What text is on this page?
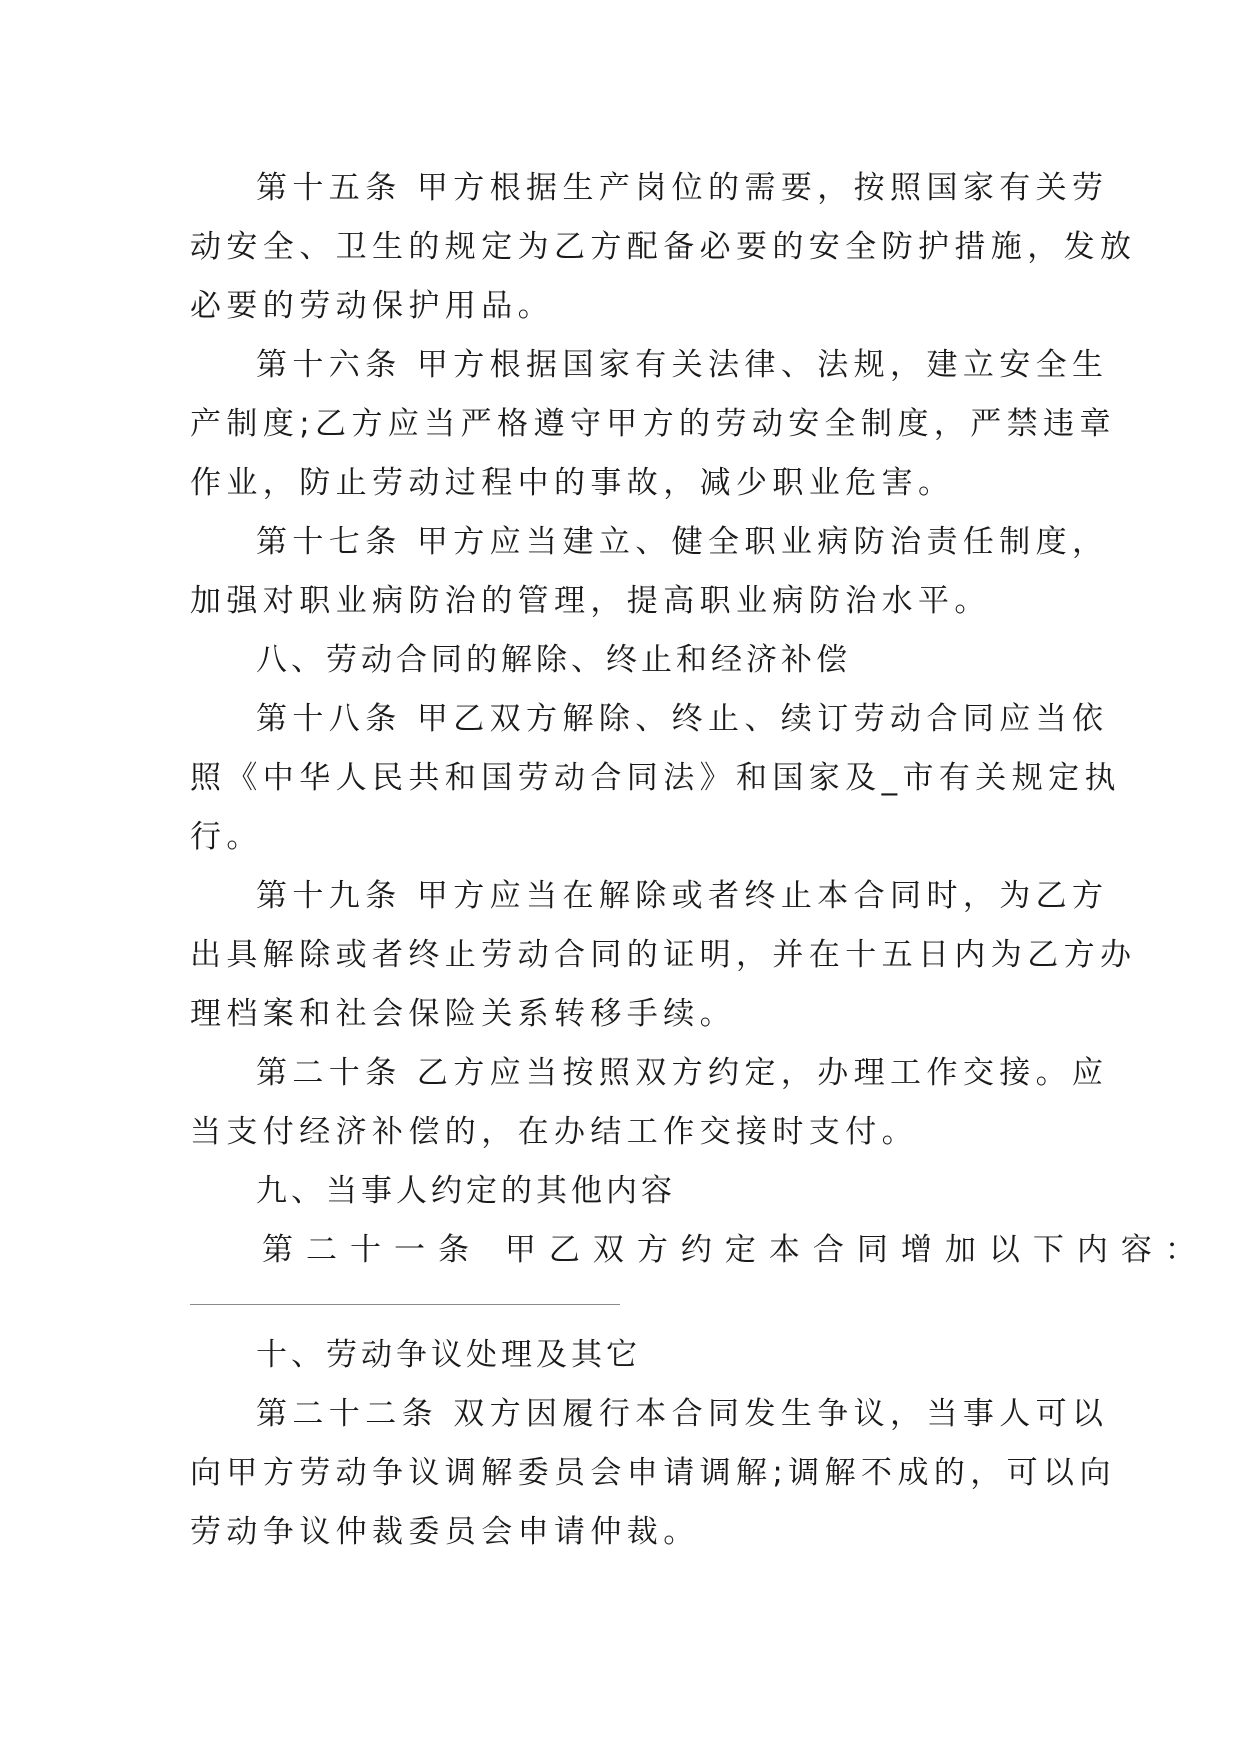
第十五条 甲方根据生产岗位的需要，按照国家有关劳

动安全、卫生的规定为乙方配备必要的安全防护措施，发放

必要的劳动保护用品。

第十六条 甲方根据国家有关法律、法规，建立安全生

产制度;乙方应当严格遵守甲方的劳动安全制度，严禁违章

作业，防止劳动过程中的事故，减少职业危害。

第十七条 甲方应当建立、健全职业病防治责任制度，

加强对职业病防治的管理，提高职业病防治水平。

八、劳动合同的解除、终止和经济补偿

第十八条 甲乙双方解除、终止、续订劳动合同应当依

照《中华人民共和国劳动合同法》和国家及_市有关规定执

行。

第十九条 甲方应当在解除或者终止本合同时，为乙方

出具解除或者终止劳动合同的证明，并在十五日内为乙方办

理档案和社会保险关系转移手续。

第二十条 乙方应当按照双方约定，办理工作交接。应

当支付经济补偿的，在办结工作交接时支付。

九、当事人约定的其他内容

第二十一条 甲乙双方约定本合同增加以下内容：

十、劳动争议处理及其它

第二十二条 双方因履行本合同发生争议，当事人可以

向甲方劳动争议调解委员会申请调解;调解不成的，可以向

劳动争议仲裁委员会申请仲裁。
